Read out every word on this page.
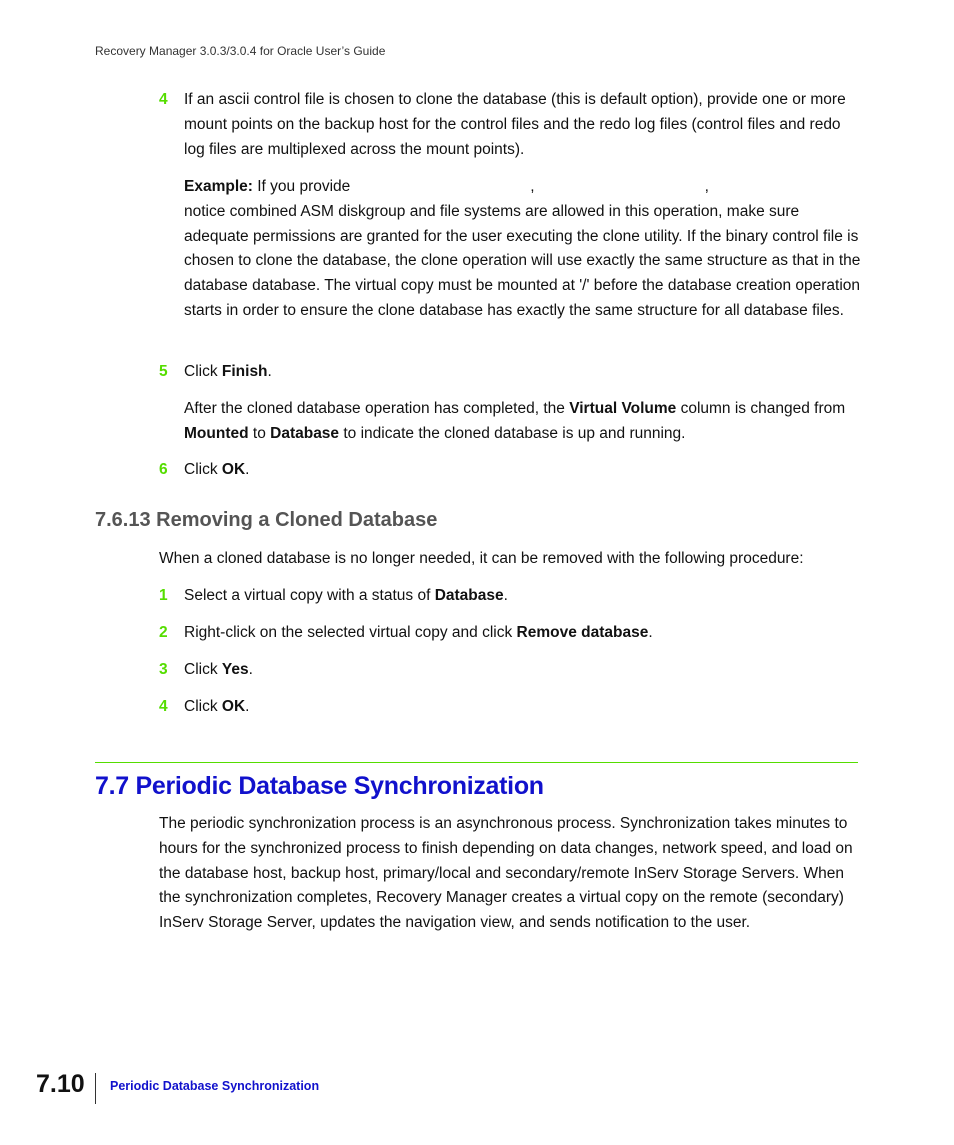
Recovery Manager 3.0.3/3.0.4 for Oracle User’s Guide
4 If an ascii control file is chosen to clone the database (this is default option), provide one or more mount points on the backup host for the control files and the redo log files (control files and redo log files are multiplexed across the mount points).
Example: If you provide	,	,
notice combined ASM diskgroup and file systems are allowed in this operation, make sure adequate permissions are granted for the user executing the clone utility. If the binary control file is chosen to clone the database, the clone operation will use exactly the same structure as that in the database database. The virtual copy must be mounted at '/' before the database creation operation starts in order to ensure the clone database has exactly the same structure for all database files.
5 Click Finish.
After the cloned database operation has completed, the Virtual Volume column is changed from Mounted to Database to indicate the cloned database is up and running.
6 Click OK.
7.6.13 Removing a Cloned Database
When a cloned database is no longer needed, it can be removed with the following procedure:
1 Select a virtual copy with a status of Database.
2 Right-click on the selected virtual copy and click Remove database.
3 Click Yes.
4 Click OK.
7.7 Periodic Database Synchronization
The periodic synchronization process is an asynchronous process. Synchronization takes minutes to hours for the synchronized process to finish depending on data changes, network speed, and load on the database host, backup host, primary/local and secondary/remote InServ Storage Servers. When the synchronization completes, Recovery Manager creates a virtual copy on the remote (secondary) InServ Storage Server, updates the navigation view, and sends notification to the user.
7.10 Periodic Database Synchronization
